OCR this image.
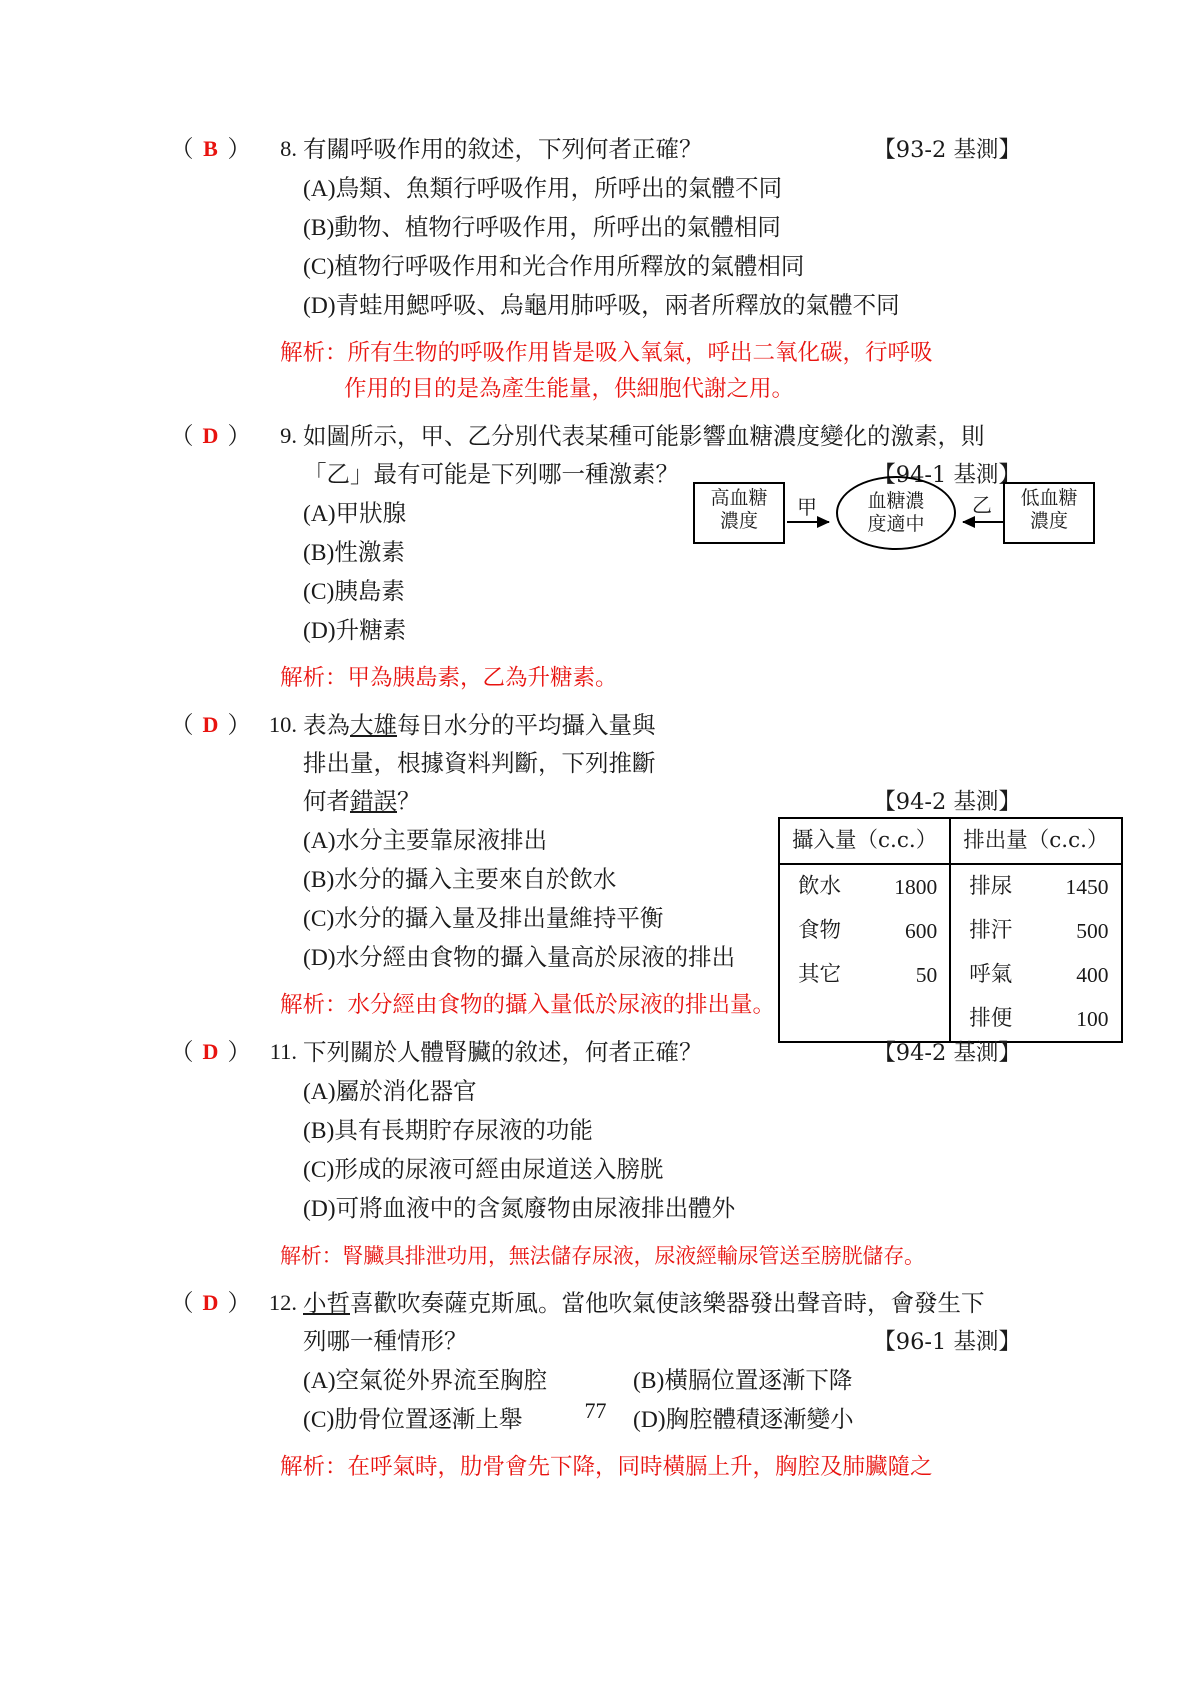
（ B ）	8. 有關呼吸作用的敘述，下列何者正確？	【93-2 基測】
(A)鳥類、魚類行呼吸作用，所呼出的氣體不同
(B)動物、植物行呼吸作用，所呼出的氣體相同
(C)植物行呼吸作用和光合作用所釋放的氣體相同
(D)青蛙用鰓呼吸、烏龜用肺呼吸，兩者所釋放的氣體不同
解析：所有生物的呼吸作用皆是吸入氧氣，呼出二氧化碳，行呼吸
作用的目的是為產生能量，供細胞代謝之用。
（ D ）	9. 如圖所示，甲、乙分別代表某種可能影響血糖濃度變化的激素，則
「乙」最有可能是下列哪一種激素？	【94-1 基測】
(A)甲狀腺
(B)性激素
(C)胰島素
(D)升糖素
高血糖
濃度
甲	血糖濃
度適中
乙	低血糖
濃度
解析：甲為胰島素，乙為升糖素。
（ D ） 10. 表為大雄每日水分的平均攝入量與
排出量，根據資料判斷，下列推斷
何者錯誤？	【94-2 基測】
(A)水分主要靠尿液排出
(B)水分的攝入主要來自於飲水
(C)水分的攝入量及排出量維持平衡
(D)水分經由食物的攝入量高於尿液的排出
攝入量（c.c.）	排出量（c.c.）

飲水 1800	排尿 1450

食物 600	排汗 500

其它 50	呼氣 400

	排便 100
解析：水分經由食物的攝入量低於尿液的排出量。
（ D ） 11. 下列關於人體腎臟的敘述，何者正確？	【94-2 基測】
(A)屬於消化器官
(B)具有長期貯存尿液的功能
(C)形成的尿液可經由尿道送入膀胱
(D)可將血液中的含氮廢物由尿液排出體外
解析：腎臟具排泄功用，無法儲存尿液，尿液經輸尿管送至膀胱儲存。
（ D ） 12. 小哲喜歡吹奏薩克斯風。當他吹氣使該樂器發出聲音時，會發生下
列哪一種情形？	【96-1 基測】
(A)空氣從外界流至胸腔	(B)橫膈位置逐漸下降
(C)肋骨位置逐漸上舉	(D)胸腔體積逐漸變小
解析：在呼氣時，肋骨會先下降，同時橫膈上升，胸腔及肺臟隨之
77
